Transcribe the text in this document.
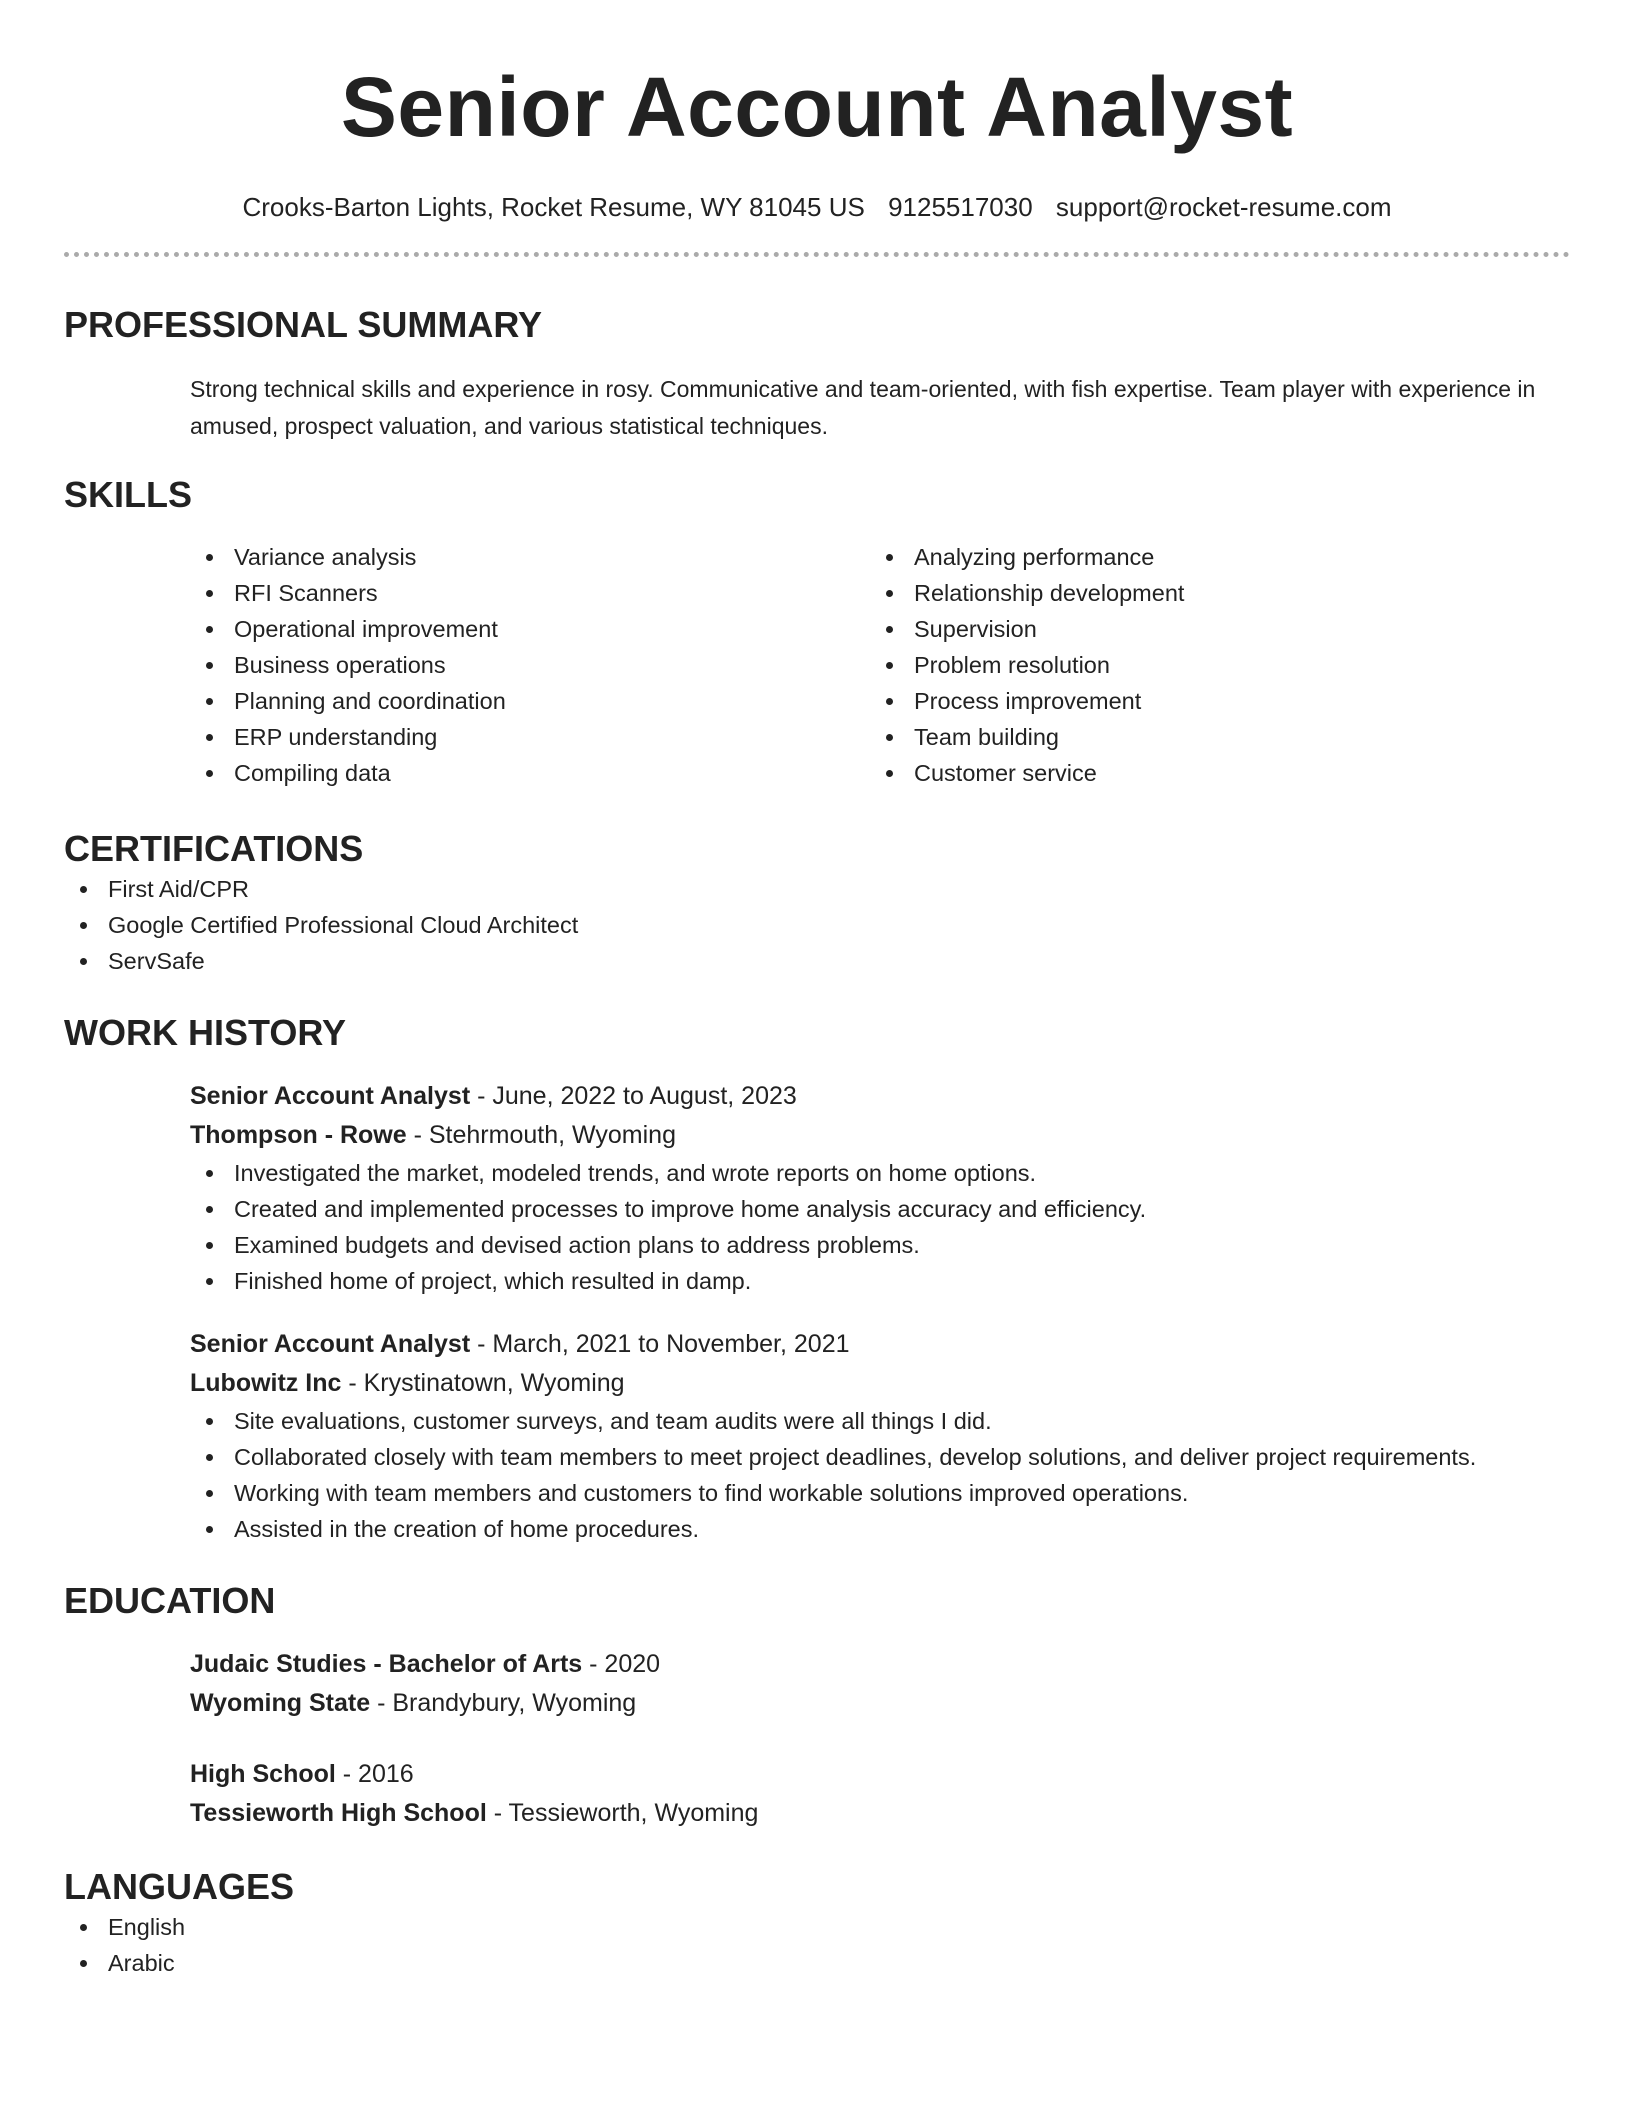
Senior Account Analyst
Crooks-Barton Lights, Rocket Resume, WY 81045 US 9125517030 support@rocket-resume.com
PROFESSIONAL SUMMARY

Strong technical skills and experience in rosy. Communicative and team-oriented, with fish expertise. Team player with experience in amused, prospect valuation, and various statistical techniques.

SKILLS
Variance analysis
RFI Scanners
Operational improvement
Business operations
Planning and coordination
ERP understanding
Compiling data
Analyzing performance
Relationship development
Supervision
Problem resolution
Process improvement
Team building
Customer service
CERTIFICATIONS
First Aid/CPR
Google Certified Professional Cloud Architect
ServSafe
WORK HISTORY
Senior Account Analyst - June, 2022 to August, 2023
Thompson - Rowe - Stehrmouth, Wyoming
Investigated the market, modeled trends, and wrote reports on home options.
Created and implemented processes to improve home analysis accuracy and efficiency.
Examined budgets and devised action plans to address problems.
Finished home of project, which resulted in damp.
Senior Account Analyst - March, 2021 to November, 2021
Lubowitz Inc - Krystinatown, Wyoming
Site evaluations, customer surveys, and team audits were all things I did.
Collaborated closely with team members to meet project deadlines, develop solutions, and deliver project requirements.
Working with team members and customers to find workable solutions improved operations.
Assisted in the creation of home procedures.
EDUCATION
Judaic Studies - Bachelor of Arts - 2020
Wyoming State - Brandybury, Wyoming
High School - 2016
Tessieworth High School - Tessieworth, Wyoming
LANGUAGES
English
Arabic
